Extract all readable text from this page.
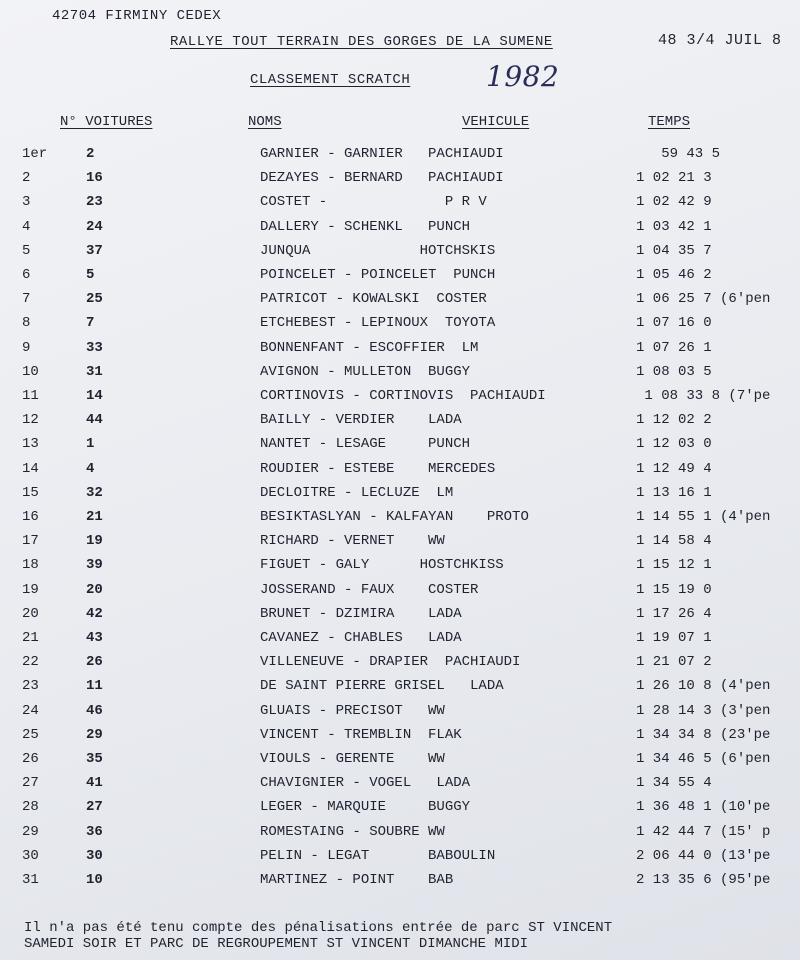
42704 FIRMINY CEDEX
RALLYE TOUT TERRAIN DES GORGES DE LA SUMENE	48 3/4 JUIL 8
CLASSEMENT SCRATCH	1982
N° VOITURES	NOMS	VEHICULE	TEMPS
1er	2	GARNIER - GARNIER   PACHIAUDI	59 43 5
2	16	DEZAYES - BERNARD   PACHIAUDI	1 02 21 3
3	23	COSTET -              P R V	1 02 42 9
4	24	DALLERY - SCHENKL   PUNCH	1 03 42 1
5	37	JUNQUA             HOTCHSKIS	1 04 35 7
6	5	POINCELET - POINCELET  PUNCH	1 05 46 2
7	25	PATRICOT - KOWALSKI  COSTER	1 06 25 7 (6'pen
8	7	ETCHEBEST - LEPINOUX  TOYOTA	1 07 16 0
9	33	BONNENFANT - ESCOFFIER  LM	1 07 26 1
10	31	AVIGNON - MULLETON  BUGGY	1 08 03 5
11	14	CORTINOVIS - CORTINOVIS  PACHIAUDI	1 08 33 8 (7'pe
12	44	BAILLY - VERDIER    LADA	1 12 02 2
13	1	NANTET - LESAGE     PUNCH	1 12 03 0
14	4	ROUDIER - ESTEBE    MERCEDES	1 12 49 4
15	32	DECLOITRE - LECLUZE  LM	1 13 16 1
16	21	BESIKTASLYAN - KALFAYAN    PROTO	1 14 55 1 (4'pen
17	19	RICHARD - VERNET    WW	1 14 58 4
18	39	FIGUET - GALY      HOSTCHKISS	1 15 12 1
19	20	JOSSERAND - FAUX    COSTER	1 15 19 0
20	42	BRUNET - DZIMIRA    LADA	1 17 26 4
21	43	CAVANEZ - CHABLES   LADA	1 19 07 1
22	26	VILLENEUVE - DRAPIER  PACHIAUDI	1 21 07 2
23	11	DE SAINT PIERRE GRISEL   LADA	1 26 10 8 (4'pen
24	46	GLUAIS - PRECISOT   WW	1 28 14 3 (3'pen
25	29	VINCENT - TREMBLIN  FLAK	1 34 34 8 (23'pe
26	35	VIOULS - GERENTE    WW	1 34 46 5 (6'pen
27	41	CHAVIGNIER - VOGEL   LADA	1 34 55 4
28	27	LEGER - MARQUIE     BUGGY	1 36 48 1 (10'pe
29	36	ROMESTAING - SOUBRE WW	1 42 44 7 (15' p
30	30	PELIN - LEGAT       BABOULIN	2 06 44 0 (13'pe
31	10	MARTINEZ - POINT    BAB	2 13 35 6 (95'pe
Il n'a pas été tenu compte des pénalisations entrée de parc ST VINCENT
SAMEDI SOIR ET PARC DE REGROUPEMENT ST VINCENT DIMANCHE MIDI
